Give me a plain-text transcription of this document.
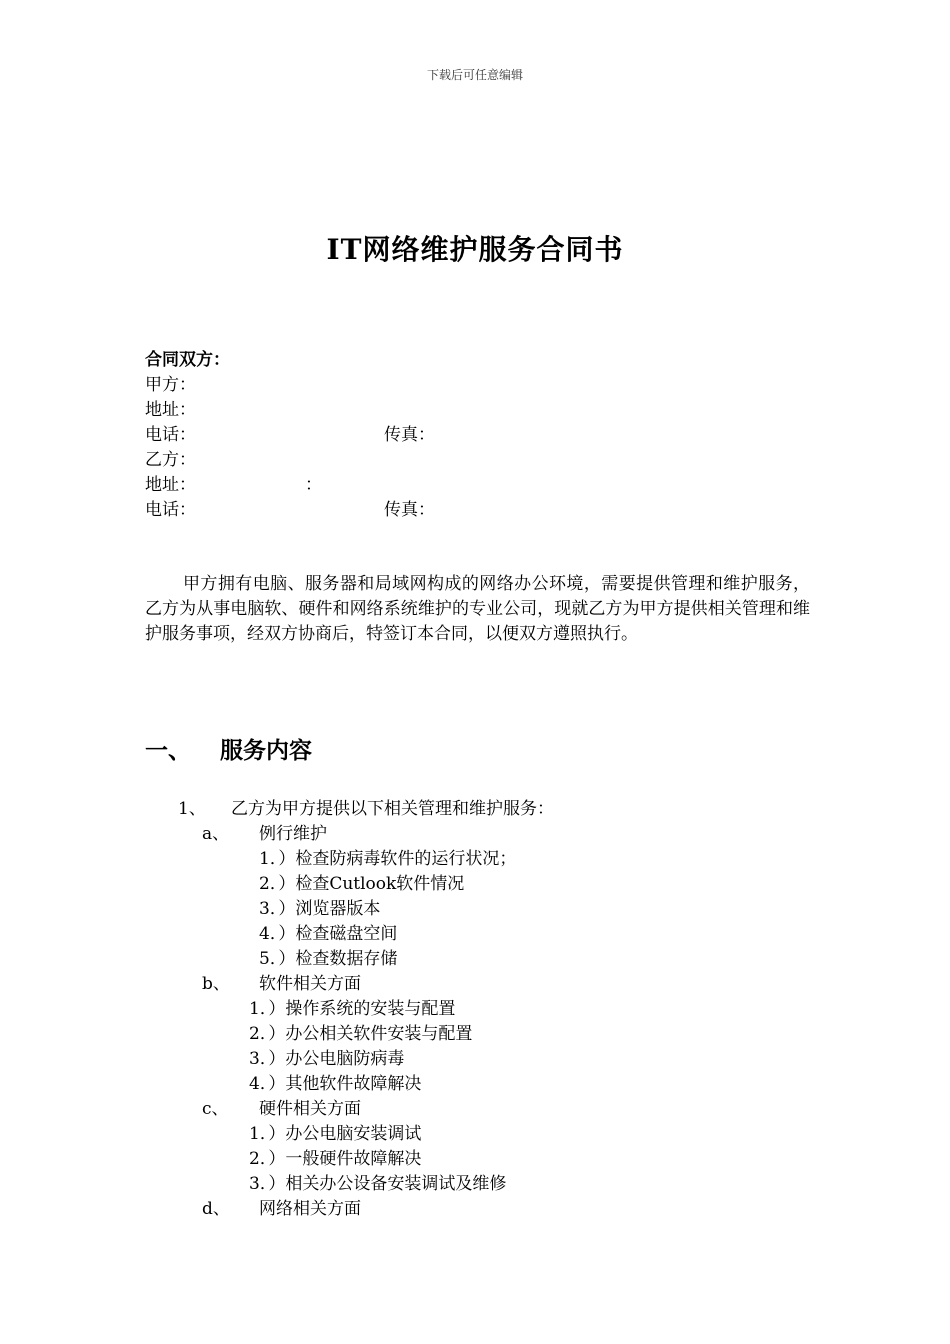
下载后可任意编辑
IT网络维护服务合同书
合同双方：
甲方：
地址：
电话：	传真：
乙方：
地址：	：
电话：	传真：
甲方拥有电脑、服务器和局域网构成的网络办公环境，需要提供管理和维护服务，乙方为从事电脑软、硬件和网络系统维护的专业公司，现就乙方为甲方提供相关管理和维护服务事项，经双方协商后，特签订本合同，以便双方遵照执行。
一、 服务内容
1、 乙方为甲方提供以下相关管理和维护服务：
a、 例行维护
1．）检查防病毒软件的运行状况；
2．）检查Cutlook软件情况
3．）浏览器版本
4．）检查磁盘空间
5．）检查数据存储
b、 软件相关方面
1．）操作系统的安装与配置
2．）办公相关软件安装与配置
3．）办公电脑防病毒
4．）其他软件故障解决
c、 硬件相关方面
1．）办公电脑安装调试
2．）一般硬件故障解决
3．）相关办公设备安装调试及维修
d、 网络相关方面
